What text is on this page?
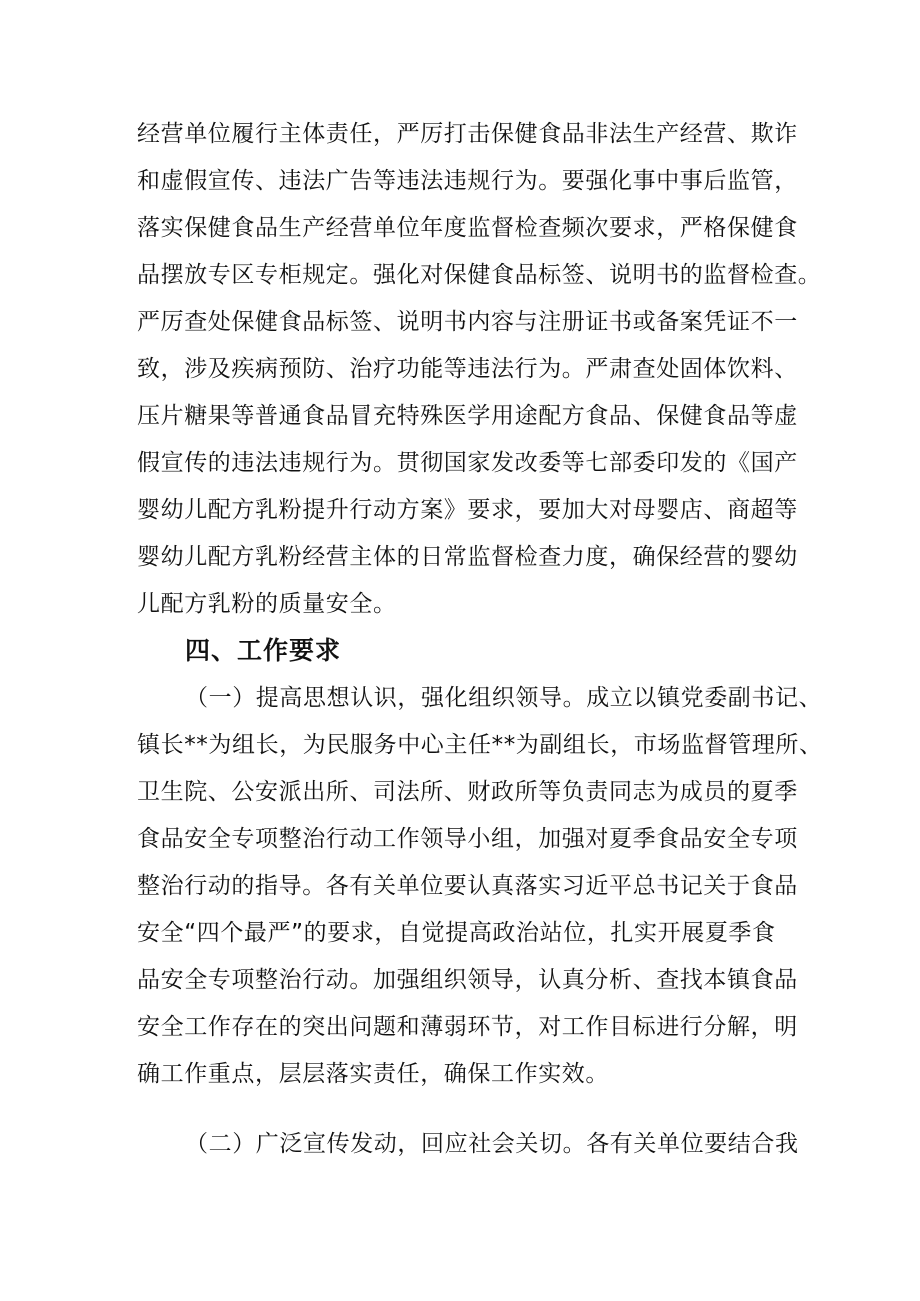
经营单位履行主体责任，严厉打击保健食品非法生产经营、欺诈
和虚假宣传、违法广告等违法违规行为。要强化事中事后监管，
落实保健食品生产经营单位年度监督检查频次要求，严格保健食
品摆放专区专柜规定。强化对保健食品标签、说明书的监督检查。
严厉查处保健食品标签、说明书内容与注册证书或备案凭证不一
致，涉及疾病预防、治疗功能等违法行为。严肃查处固体饮料、
压片糖果等普通食品冒充特殊医学用途配方食品、保健食品等虚
假宣传的违法违规行为。贯彻国家发改委等七部委印发的《国产
婴幼儿配方乳粉提升行动方案》要求，要加大对母婴店、商超等
婴幼儿配方乳粉经营主体的日常监督检查力度，确保经营的婴幼
儿配方乳粉的质量安全。
四、工作要求
（一）提高思想认识，强化组织领导。成立以镇党委副书记、
镇长**为组长，为民服务中心主任**为副组长，市场监督管理所、
卫生院、公安派出所、司法所、财政所等负责同志为成员的夏季
食品安全专项整治行动工作领导小组，加强对夏季食品安全专项
整治行动的指导。各有关单位要认真落实习近平总书记关于食品
安全“四个最严”的要求，自觉提高政治站位，扎实开展夏季食
品安全专项整治行动。加强组织领导，认真分析、查找本镇食品
安全工作存在的突出问题和薄弱环节，对工作目标进行分解，明
确工作重点，层层落实责任，确保工作实效。
（二）广泛宣传发动，回应社会关切。各有关单位要结合我
